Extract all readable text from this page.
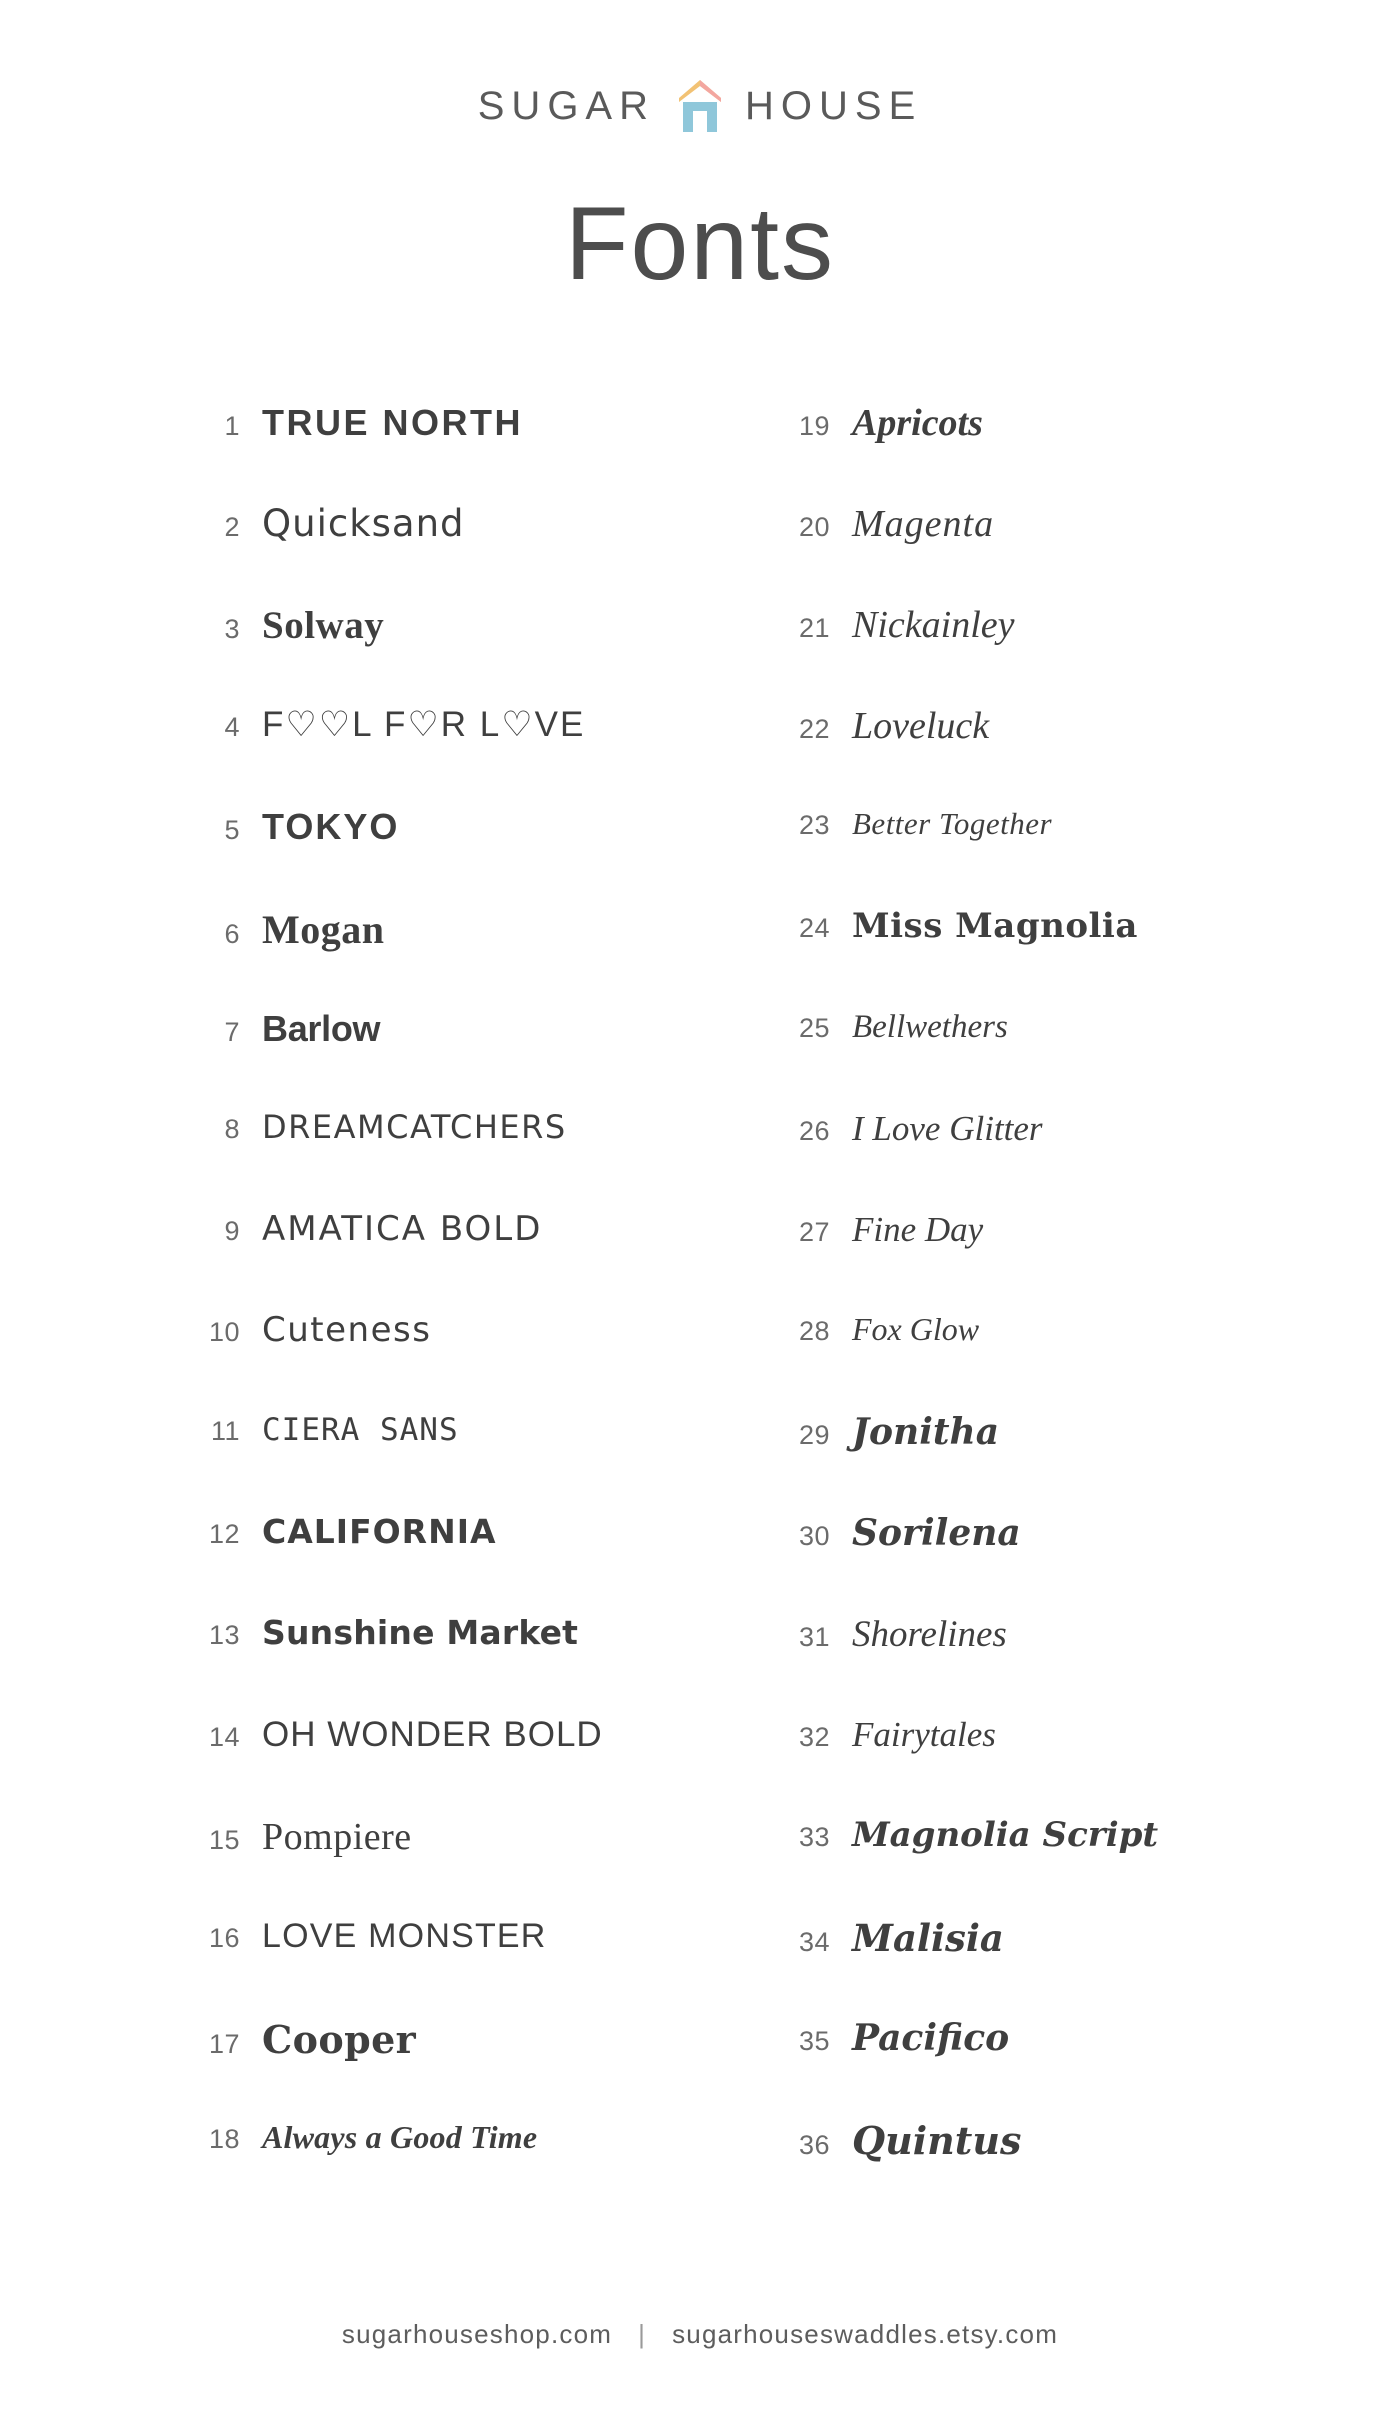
SUGAR HOUSE
Fonts
1 TRUE NORTH
2 Quicksand
3 Solway
4 F♡♡L F♡R L♡VE
5 TOKYO
6 Mogan
7 Barlow
8 DREAMCATCHERS
9 AMATICA BOLD
10 Cuteness
11 CIERA SANS
12 CALIFORNIA
13 Sunshine Market
14 OH WONDER BOLD
15 Pompiere
16 LOVE MONSTER
17 Cooper
18 Always a Good Time
19 Apricots
20 Magenta
21 Nickainley
22 Loveluck
23 Better Together
24 Miss Magnolia
25 Bellwethers
26 I Love Glitter
27 Fine Day
28 Fox Glow
29 Jonitha
30 Sorilena
31 Shorelines
32 Fairytales
33 Magnolia Script
34 Malisia
35 Pacifico
36 Quintus
sugarhouseshop.com | sugarhouseswaddles.etsy.com
